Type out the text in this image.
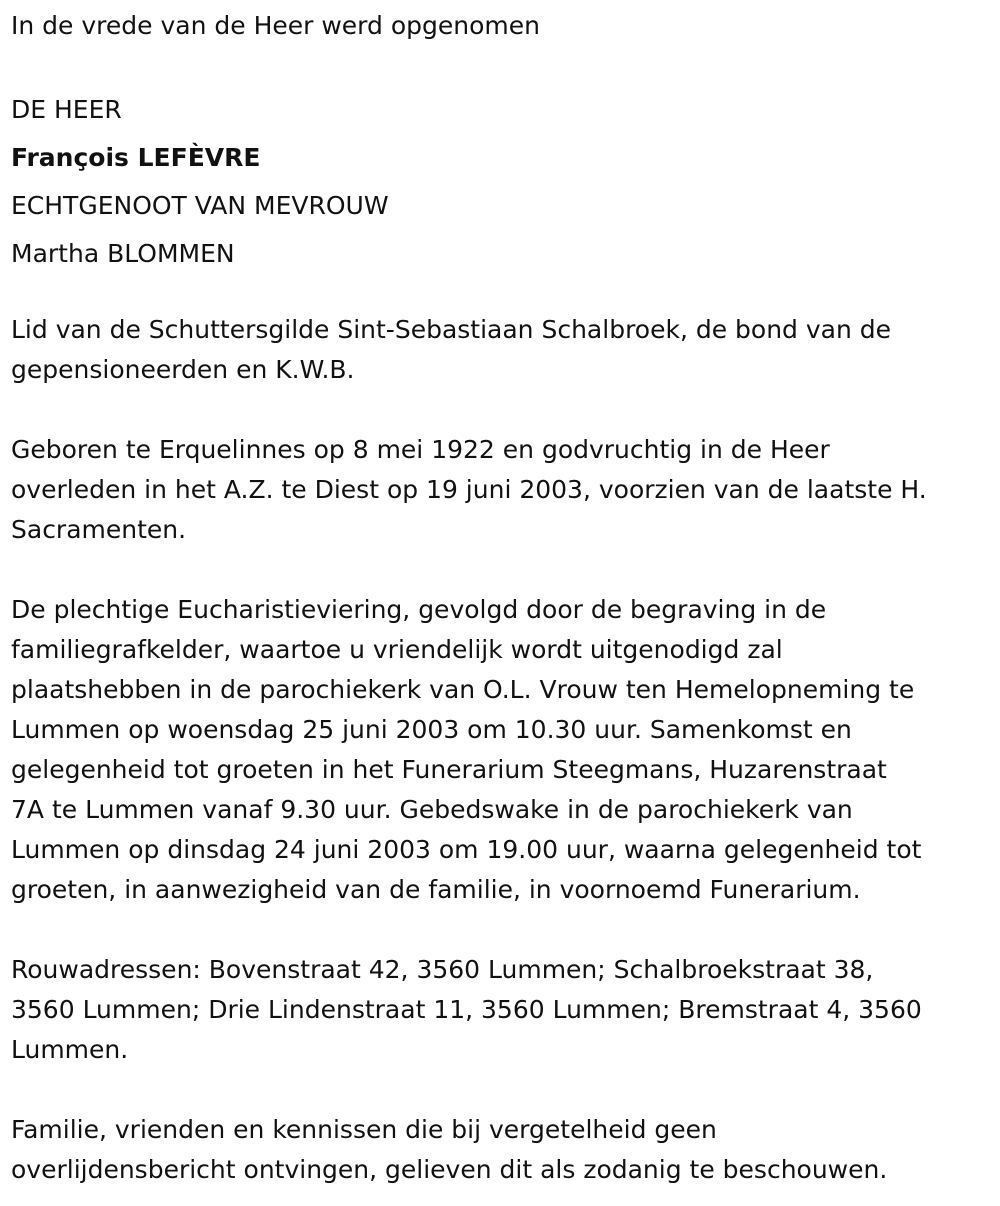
In de vrede van de Heer werd opgenomen

DE HEER

François LEFÈVRE

ECHTGENOOT VAN MEVROUW

Martha BLOMMEN

Lid van de Schuttersgilde Sint-Sebastiaan Schalbroek, de bond van de
gepensioneerden en K.W.B.
Geboren te Erquelinnes op 8 mei 1922 en godvruchtig in de Heer
overleden in het A.Z. te Diest op 19 juni 2003, voorzien van de laatste H.
Sacramenten.
De plechtige Eucharistieviering, gevolgd door de begraving in de
familiegrafkelder, waartoe u vriendelijk wordt uitgenodigd zal
plaatshebben in de parochiekerk van O.L. Vrouw ten Hemelopneming te
Lummen op woensdag 25 juni 2003 om 10.30 uur. Samenkomst en
gelegenheid tot groeten in het Funerarium Steegmans, Huzarenstraat
7A te Lummen vanaf 9.30 uur. Gebedswake in de parochiekerk van
Lummen op dinsdag 24 juni 2003 om 19.00 uur, waarna gelegenheid tot
groeten, in aanwezigheid van de familie, in voornoemd Funerarium.
Rouwadressen: Bovenstraat 42, 3560 Lummen; Schalbroekstraat 38,
3560 Lummen; Drie Lindenstraat 11, 3560 Lummen; Bremstraat 4, 3560
Lummen.
Familie, vrienden en kennissen die bij vergetelheid geen
overlijdensbericht ontvingen, gelieven dit als zodanig te beschouwen.
